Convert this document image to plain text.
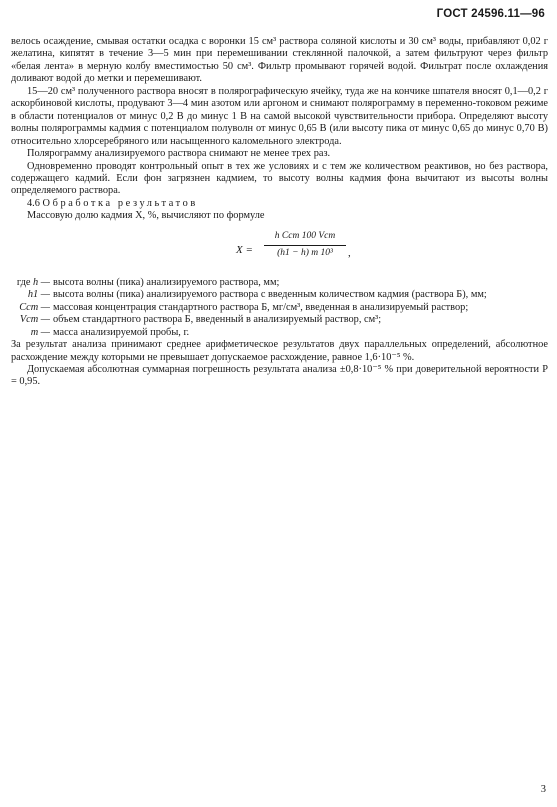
ГОСТ 24596.11—96

велось осаждение, смывая остатки осадка с воронки 15 см³ раствора соляной кислоты и 30 см³ воды, прибавляют 0,02 г желатина, кипятят в течение 3—5 мин при перемешивании стеклянной палочкой, а затем фильтруют через фильтр «белая лента» в мерную колбу вместимостью 50 см³. Фильтр промывают горячей водой. Фильтрат после охлаждения доливают водой до метки и перемешивают.

15—20 см³ полученного раствора вносят в полярографическую ячейку, туда же на кончике шпателя вносят 0,1—0,2 г аскорбиновой кислоты, продувают 3—4 мин азотом или аргоном и снимают полярограмму в переменно-токовом режиме в области потенциалов от минус 0,2 В до минус 1 В на самой высокой чувствительности прибора. Определяют высоту волны полярограммы кадмия с потенциалом полуволн от минус 0,65 В (или высоту пика от минус 0,65 до минус 0,70 В) относительно хлорсеребряного или насыщенного каломельного электрода.

Полярограмму анализируемого раствора снимают не менее трех раз.

Одновременно проводят контрольный опыт в тех же условиях и с тем же количеством реактивов, но без раствора, содержащего кадмий. Если фон загрязнен кадмием, то высоту волны кадмия фона вычитают из высоты волны определяемого раствора.

4.6 Обработка результатов

Массовую долю кадмия X, %, вычисляют по формуле

X =
h Cст 100 Vст
(h1 − h) m 10³	,
где h — высота волны (пика) анализируемого раствора, мм;
h1 — высота волны (пика) анализируемого раствора с введенным количеством кадмия (раствора Б), мм;
Cст — массовая концентрация стандартного раствора Б, мг/см³, введенная в анализируемый раствор;
Vст — объем стандартного раствора Б, введенный в анализируемый раствор, см³;
m — масса анализируемой пробы, г.

За результат анализа принимают среднее арифметическое результатов двух параллельных определений, абсолютное расхождение между которыми не превышает допускаемое расхождение, равное 1,6·10⁻⁵ %.

Допускаемая абсолютная суммарная погрешность результата анализа ±0,8·10⁻⁵ % при доверительной вероятности P = 0,95.

3
